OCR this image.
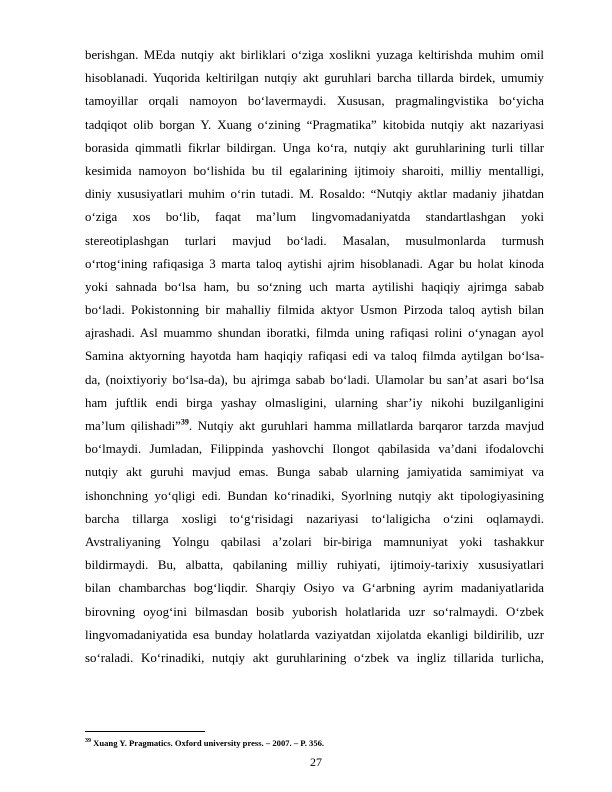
berishgan. MEda nutqiy akt birliklari o‘ziga xoslikni yuzaga keltirishda muhim omil
hisoblanadi. Yuqorida keltirilgan nutqiy akt guruhlari barcha tillarda birdek, umumiy
tamoyillar orqali namoyon bo‘lavermaydi. Xususan, pragmalingvistika bo‘yicha
tadqiqot olib borgan Y. Xuang o‘zining “Pragmatika” kitobida nutqiy akt nazariyasi
borasida qimmatli fikrlar bildirgan. Unga ko‘ra, nutqiy akt guruhlarining turli tillar
kesimida namoyon bo‘lishida bu til egalarining ijtimoiy sharoiti, milliy mentalligi,
diniy xususiyatlari muhim o‘rin tutadi. M. Rosaldo: “Nutqiy aktlar madaniy jihatdan
o‘ziga xos bo‘lib, faqat ma’lum lingvomadaniyatda standartlashgan yoki
stereotiplashgan turlari mavjud bo‘ladi. Masalan, musulmonlarda turmush
o‘rtog‘ining rafiqasiga 3 marta taloq aytishi ajrim hisoblanadi. Agar bu holat kinoda
yoki sahnada bo‘lsa ham, bu so‘zning uch marta aytilishi haqiqiy ajrimga sabab
bo‘ladi. Pokistonning bir mahalliy filmida aktyor Usmon Pirzoda taloq aytish bilan
ajrashadi. Asl muammo shundan iboratki, filmda uning rafiqasi rolini o‘ynagan ayol
Samina aktyorning hayotda ham haqiqiy rafiqasi edi va taloq filmda aytilgan bo‘lsa-
da, (noixtiyoriy bo‘lsa-da), bu ajrimga sabab bo‘ladi. Ulamolar bu san’at asari bo‘lsa
ham juftlik endi birga yashay olmasligini, ularning shar’iy nikohi buzilganligini
ma’lum qilishadi”$^{39}$. Nutqiy akt guruhlari hamma millatlarda barqaror tarzda mavjud
bo‘lmaydi. Jumladan, Filippinda yashovchi Ilongot qabilasida va’dani ifodalovchi
nutqiy akt guruhi mavjud emas. Bunga sabab ularning jamiyatida samimiyat va
ishonchning yo‘qligi edi. Bundan ko‘rinadiki, Syorlning nutqiy akt tipologiyasining
barcha tillarga xosligi to‘g‘risidagi nazariyasi to‘laligicha o‘zini oqlamaydi.
Avstraliyaning Yolngu qabilasi a’zolari bir-biriga mamnuniyat yoki tashakkur
bildirmaydi. Bu, albatta, qabilaning milliy ruhiyati, ijtimoiy-tarixiy xususiyatlari
bilan chambarchas bog‘liqdir. Sharqiy Osiyo va G‘arbning ayrim madaniyatlarida
birovning oyog‘ini bilmasdan bosib yuborish holatlarida uzr so‘ralmaydi. O‘zbek
lingvomadaniyatida esa bunday holatlarda vaziyatdan xijolatda ekanligi bildirilib, uzr
so‘raladi. Ko‘rinadiki, nutqiy akt guruhlarining o‘zbek va ingliz tillarida turlicha,
$^{39}$ Xuang Y. Pragmatics. Oxford university press. – 2007. – P. 356.
27
